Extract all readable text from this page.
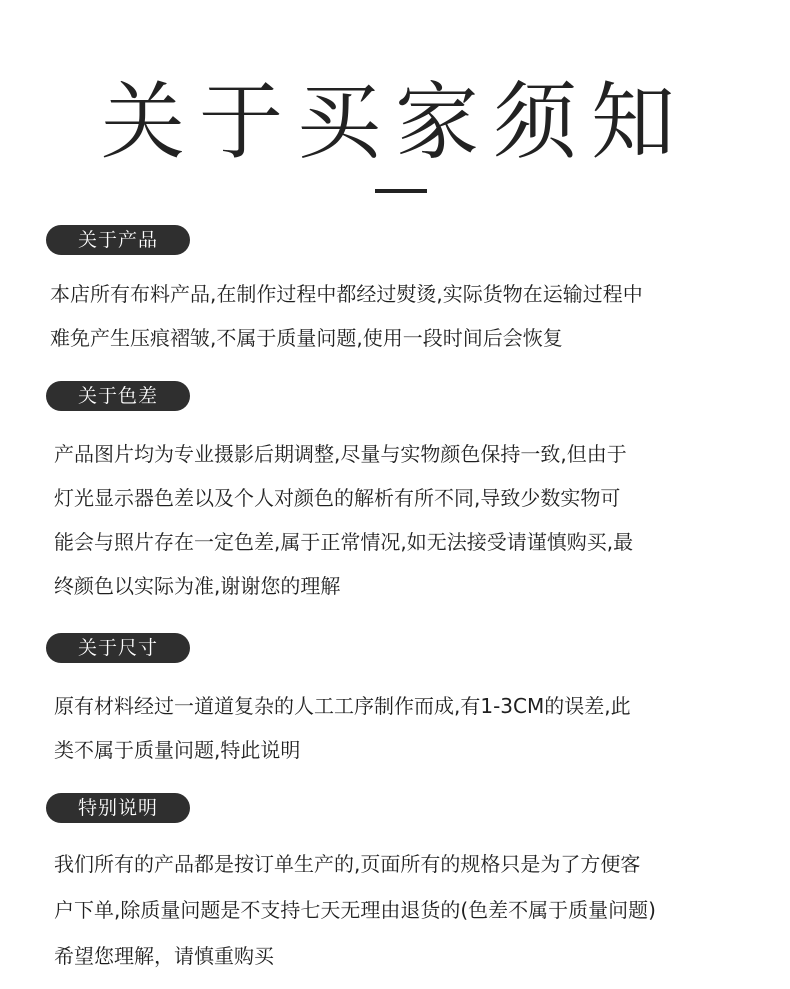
关于买家须知
关于产品
本店所有布料产品,在制作过程中都经过熨烫,实际货物在运输过程中
难免产生压痕褶皱,不属于质量问题,使用一段时间后会恢复
关于色差
产品图片均为专业摄影后期调整,尽量与实物颜色保持一致,但由于
灯光显示器色差以及个人对颜色的解析有所不同,导致少数实物可
能会与照片存在一定色差,属于正常情况,如无法接受请谨慎购买,最
终颜色以实际为准,谢谢您的理解
关于尺寸
原有材料经过一道道复杂的人工工序制作而成,有1-3CM的误差,此
类不属于质量问题,特此说明
特别说明
我们所有的产品都是按订单生产的,页面所有的规格只是为了方便客
户下单,除质量问题是不支持七天无理由退货的(色差不属于质量问题)
希望您理解，请慎重购买
